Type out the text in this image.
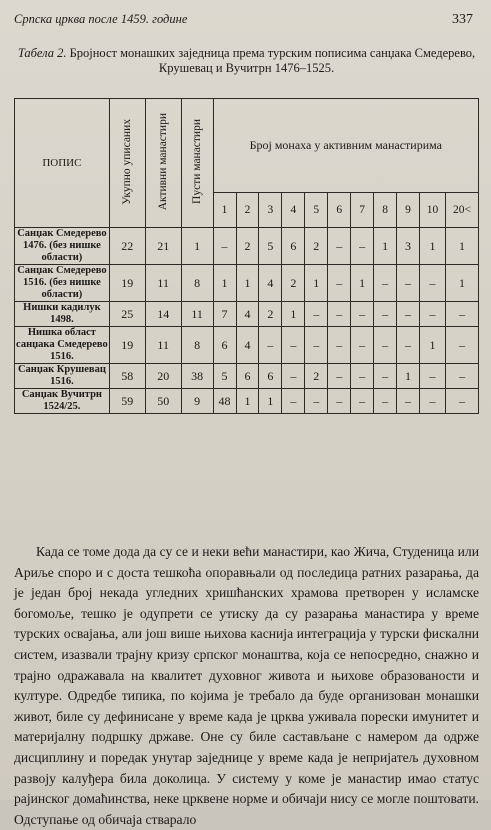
Српска црква после 1459. године	337
Табела 2. Бројност монашких заједница према турским пописима санџака Смедерево, Крушевац и Вучитрн 1476–1525.
ПОПИС	Укупно уписаних	Активни манастири	Пусти манастири	Број монаха у активним манастирима										
				1	2	3	4	5	6	7	8	9	10	20<
Санџак Смедерево 1476. (без нишке области)	22	21	1	–	2	5	6	2	–	–	1	3	1	1
Санџак Смедерево 1516. (без нишке области)	19	11	8	1	1	4	2	1	–	1	–	–	–	1
Нишки кадилук 1498.	25	14	11	7	4	2	1	–	–	–	–	–	–	–
Нишка област санџака Смедерево 1516.	19	11	8	6	4	–	–	–	–	–	–	–	1	–
Санџак Крушевац 1516.	58	20	38	5	6	6	–	2	–	–	–	1	–	–
Санџак Вучитрн 1524/25.	59	50	9	48	1	1	–	–	–	–	–	–	–	–

Када се томе дода да су се и неки већи манастири, као Жича, Студеница или Ариље споро и с доста тешкоћа опоравњали од последица ратних разарања, да је један број некада угледних хришћанских храмова претворен у исламске богомоље, тешко је одупрети се утиску да су разарања манастира у време турских освајања, али још више њихова каснија интеграција у турски фискални систем, изазвали трајну кризу српског монаштва, која се непосредно, снажно и трајно одражавала на квалитет духовног живота и њихове образованости и културе. Одредбе типика, по којима је требало да буде организован монашки живот, биле су дефинисане у време када је црква уживала порески имунитет и материјалну подршку државе. Оне су биле састављане с намером да одрже дисциплину и поредак унутар заједнице у време када је непријатељ духовном развоју калуђера била доколица. У систему у коме је манастир имао статус рајинског домаћинства, неке црквене норме и обичаји нису се могле поштовати. Одступање од обичаја стварало
